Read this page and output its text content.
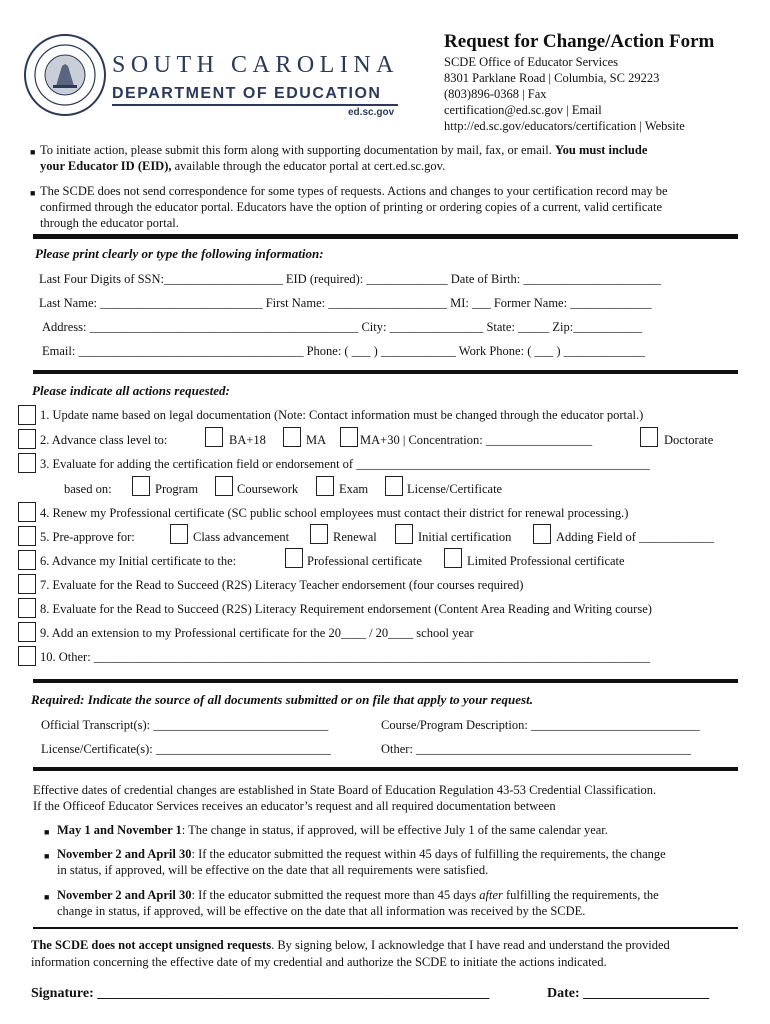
SOUTH CAROLINA
DEPARTMENT OF EDUCATION
ed.sc.gov
Request for Change/Action Form
SCDE Office of Educator Services
8301 Parklane Road | Columbia, SC 29223
(803)896-0368 | Fax
certification@ed.sc.gov | Email
http://ed.sc.gov/educators/certification | Website
■ To initiate action, please submit this form along with supporting documentation by mail, fax, or email. You must include
your Educator ID (EID), available through the educator portal at cert.ed.sc.gov.
■ The SCDE does not send correspondence for some types of requests. Actions and changes to your certification record may be
confirmed through the educator portal. Educators have the option of printing or ordering copies of a current, valid certificate
through the educator portal.
Please print clearly or type the following information:
Last Four Digits of SSN:___________________ EID (required): _____________ Date of Birth: ______________________
Last Name: __________________________ First Name: ___________________ MI: ___ Former Name: _____________
Address: ___________________________________________ City: _______________ State: _____ Zip:___________
Email: ____________________________________ Phone: ( ___ ) ____________ Work Phone: ( ___ ) _____________
Please indicate all actions requested:
1. Update name based on legal documentation (Note: Contact information must be changed through the educator portal.)
2. Advance class level to:	BA+18	MA	MA+30 | Concentration: _________________	Doctorate
3. Evaluate for adding the certification field or endorsement of _______________________________________________
based on:	Program	Coursework	Exam	License/Certificate
4. Renew my Professional certificate (SC public school employees must contact their district for renewal processing.)
5. Pre-approve for:	Class advancement	Renewal	Initial certification	Adding Field of ____________
6. Advance my Initial certificate to the:	Professional certificate	Limited Professional certificate
7. Evaluate for the Read to Succeed (R2S) Literacy Teacher endorsement (four courses required)
8. Evaluate for the Read to Succeed (R2S) Literacy Requirement endorsement (Content Area Reading and Writing course)
9. Add an extension to my Professional certificate for the 20____ / 20____ school year
10. Other: _________________________________________________________________________________________
Required: Indicate the source of all documents submitted or on file that apply to your request.
Official Transcript(s): ____________________________	Course/Program Description: ___________________________
License/Certificate(s): ____________________________	Other: ____________________________________________
Effective dates of credential changes are established in State Board of Education Regulation 43-53 Credential Classification.
If the Officeof Educator Services receives an educator’s request and all required documentation between
■ May 1 and November 1: The change in status, if approved, will be effective July 1 of the same calendar year.
■ November 2 and April 30: If the educator submitted the request within 45 days of fulfilling the requirements, the change
in status, if approved, will be effective on the date that all requirements were satisfied.
■ November 2 and April 30: If the educator submitted the request more than 45 days after fulfilling the requirements, the
change in status, if approved, will be effective on the date that all information was received by the SCDE.
The SCDE does not accept unsigned requests. By signing below, I acknowledge that I have read and understand the provided
information concerning the effective date of my credential and authorize the SCDE to initiate the actions indicated.
Signature: ________________________________________________________	Date: __________________
